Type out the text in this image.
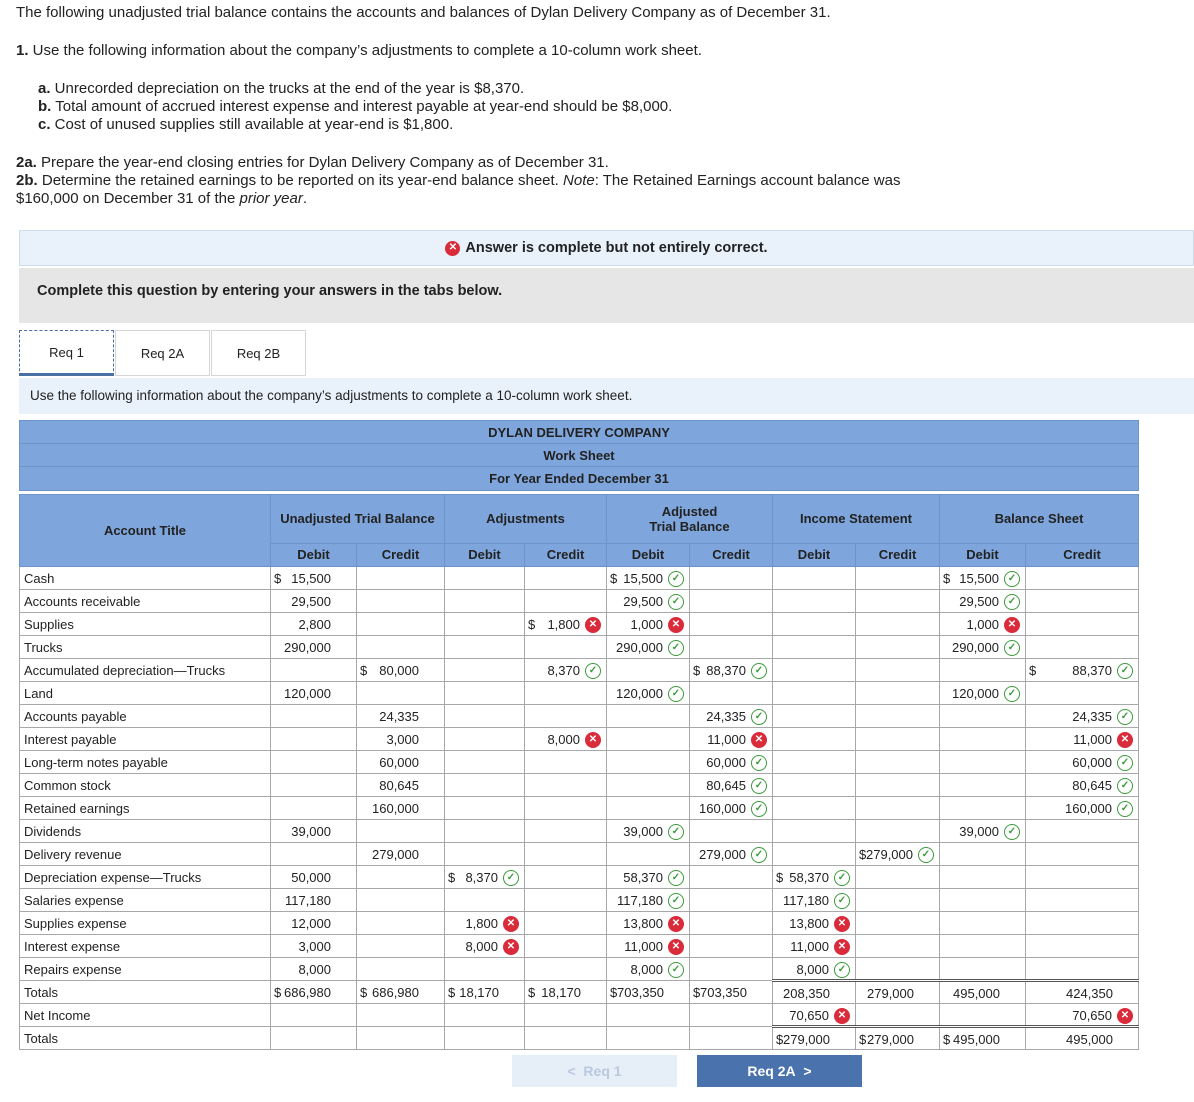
The following unadjusted trial balance contains the accounts and balances of Dylan Delivery Company as of December 31.

1. Use the following information about the company’s adjustments to complete a 10-column work sheet.

a. Unrecorded depreciation on the trucks at the end of the year is $8,370.

b. Total amount of accrued interest expense and interest payable at year-end should be $8,000.

c. Cost of unused supplies still available at year-end is $1,800.

2a. Prepare the year-end closing entries for Dylan Delivery Company as of December 31.

2b. Determine the retained earnings to be reported on its year-end balance sheet. Note: The Retained Earnings account balance was

$160,000 on December 31 of the prior year.

✕ Answer is complete but not entirely correct.
Complete this question by entering your answers in the tabs below.
Req 1	Req 2A	Req 2B
Use the following information about the company’s adjustments to complete a 10-column work sheet.
DYLAN DELIVERY COMPANY										
Work Sheet										
For Year Ended December 31										

Account Title	Unadjusted Trial Balance		Adjustments		Adjusted Trial Balance		Income Statement		Balance Sheet	
	Debit	Credit	Debit	Credit	Debit	Credit	Debit	Credit	Debit	Credit
Cash	$ 15,500				$ 15,500 ✓				$ 15,500 ✓	

Accounts receivable	29,500				29,500 ✓				29,500 ✓	

Supplies	2,800			$ 1,800 ✕	1,000 ✕				1,000 ✕	

Trucks	290,000				290,000 ✓				290,000 ✓	

Accumulated depreciation—Trucks		$ 80,000		8,370 ✓		$ 88,370 ✓				$ 88,370 ✓

Land	120,000				120,000 ✓				120,000 ✓	

Accounts payable		24,335				24,335 ✓				24,335 ✓

Interest payable		3,000		8,000 ✕		11,000 ✕				11,000 ✕

Long-term notes payable		60,000				60,000 ✓				60,000 ✓

Common stock		80,645				80,645 ✓				80,645 ✓

Retained earnings		160,000				160,000 ✓				160,000 ✓

Dividends	39,000				39,000 ✓				39,000 ✓	

Delivery revenue		279,000				279,000 ✓		$ 279,000 ✓		

Depreciation expense—Trucks	50,000		$ 8,370 ✓		58,370 ✓		$ 58,370 ✓			

Salaries expense	117,180				117,180 ✓		117,180 ✓			

Supplies expense	12,000		1,800 ✕		13,800 ✕		13,800 ✕			

Interest expense	3,000		8,000 ✕		11,000 ✕		11,000 ✕			

Repairs expense	8,000				8,000 ✓		8,000 ✓			

Totals	$ 686,980	$ 686,980	$ 18,170	$ 18,170	$ 703,350	$ 703,350	208,350	279,000	495,000	424,350

Net Income							70,650 ✕			70,650 ✕

Totals							$ 279,000	$ 279,000	$ 495,000	495,000
< Req 1	Req 2A >
